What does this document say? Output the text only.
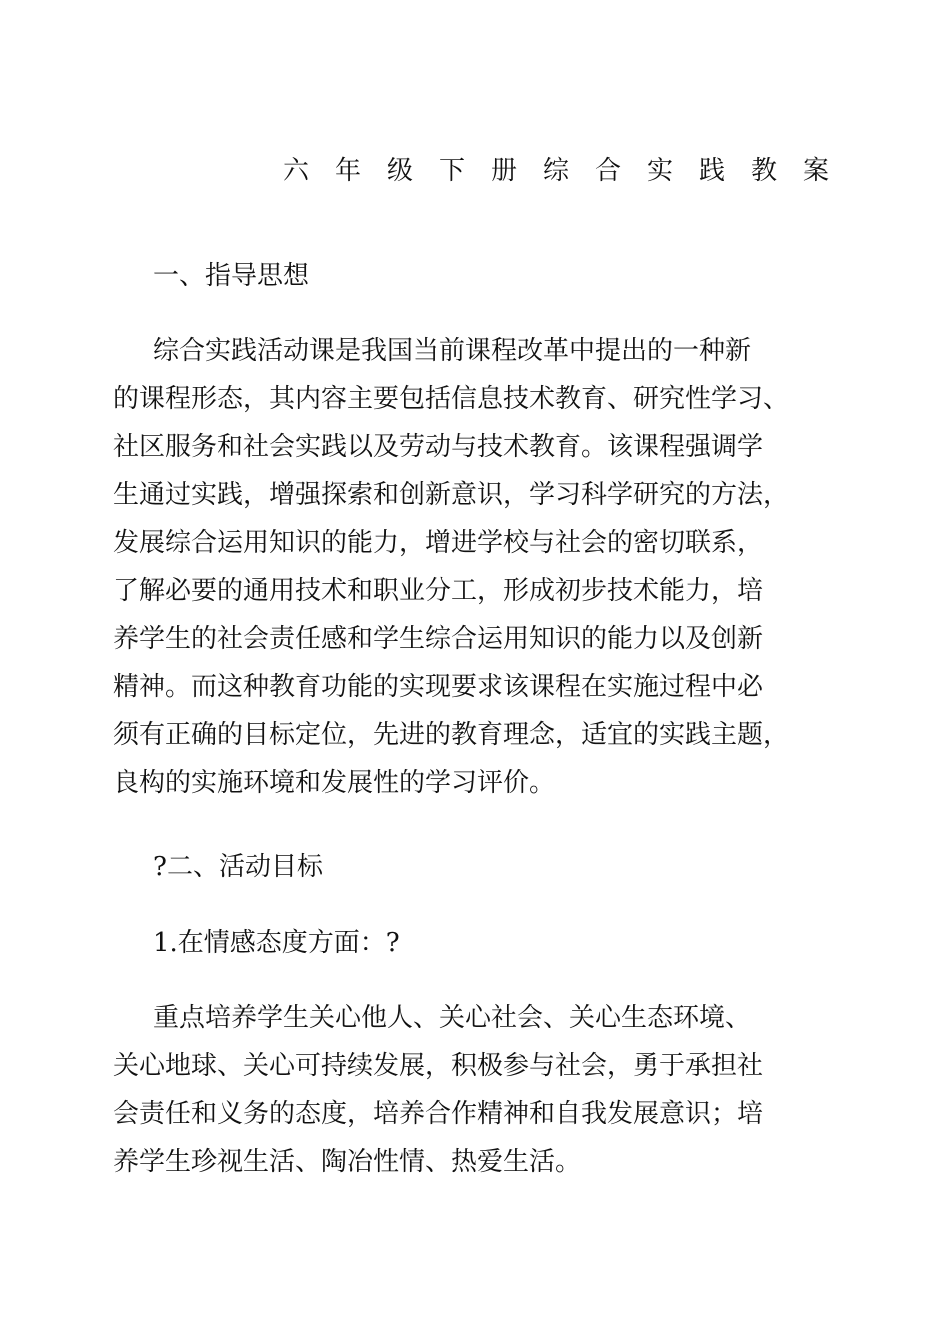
六年级下册综合实践教案

一、指导思想

综合实践活动课是我国当前课程改革中提出的一种新

的课程形态，其内容主要包括信息技术教育、研究性学习、

社区服务和社会实践以及劳动与技术教育。该课程强调学

生通过实践，增强探索和创新意识，学习科学研究的方法，

发展综合运用知识的能力，增进学校与社会的密切联系，

了解必要的通用技术和职业分工，形成初步技术能力，培

养学生的社会责任感和学生综合运用知识的能力以及创新

精神。而这种教育功能的实现要求该课程在实施过程中必

须有正确的目标定位，先进的教育理念，适宜的实践主题，

良构的实施环境和发展性的学习评价。

?二、活动目标

1.在情感态度方面：?

重点培养学生关心他人、关心社会、关心生态环境、

关心地球、关心可持续发展，积极参与社会，勇于承担社

会责任和义务的态度，培养合作精神和自我发展意识；培

养学生珍视生活、陶冶性情、热爱生活。
